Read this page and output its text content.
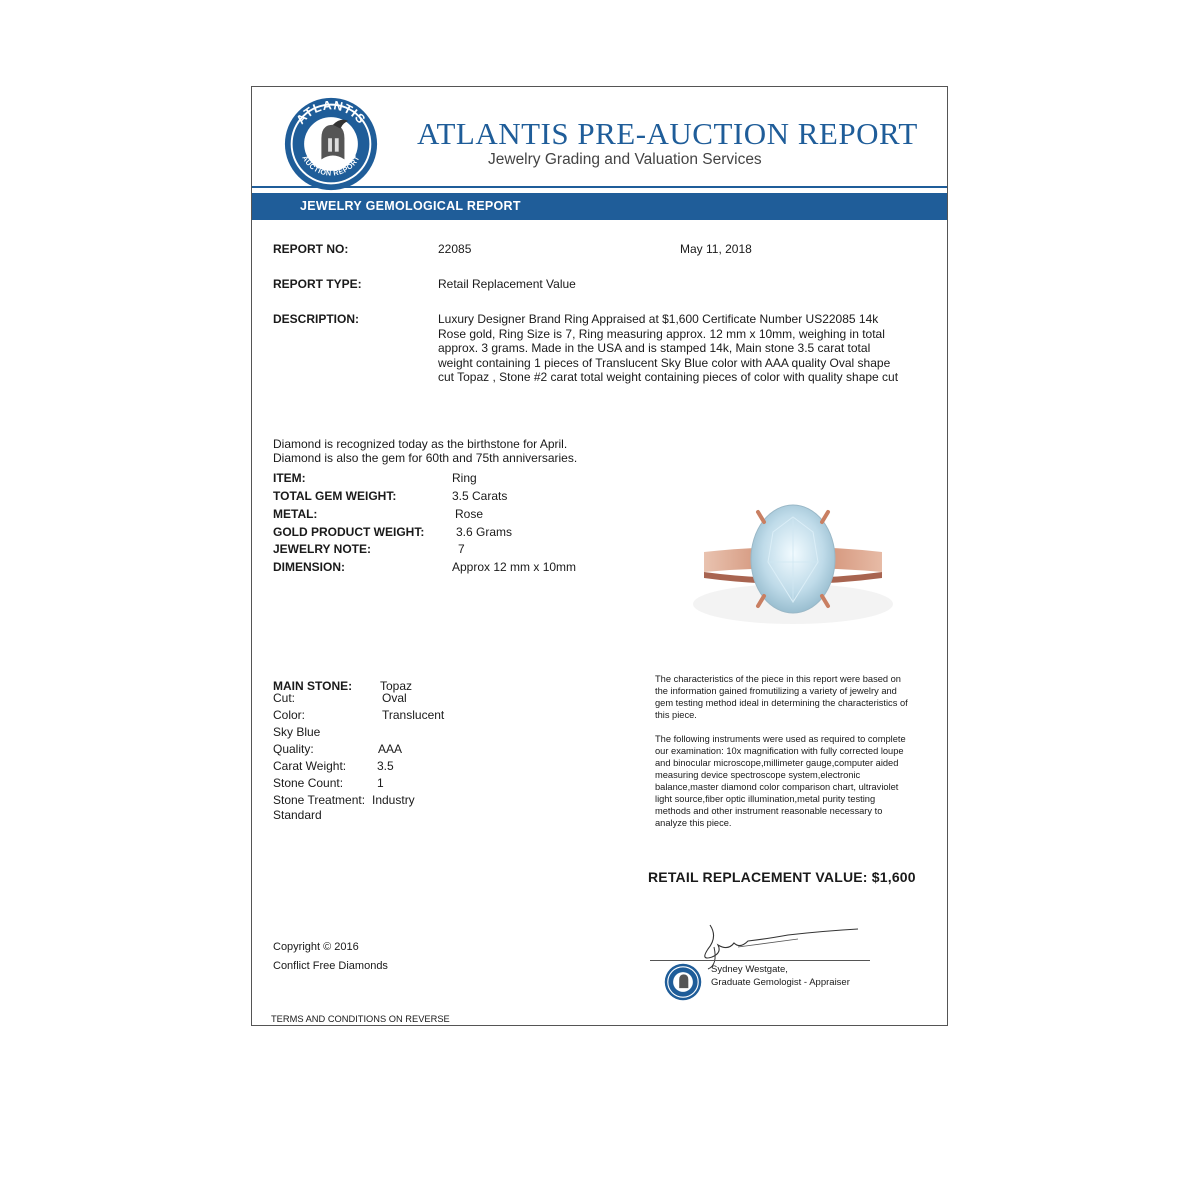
ATLANTIS
AUCTION REPORT
ATLANTIS PRE-AUCTION REPORT
Jewelry Grading and Valuation Services
JEWELRY GEMOLOGICAL REPORT
REPORT NO:	22085	May 11, 2018
REPORT TYPE:	Retail Replacement Value
DESCRIPTION:	Luxury Designer Brand Ring Appraised at $1,600 Certificate Number US22085 14k Rose gold, Ring Size is 7, Ring measuring approx. 12 mm x 10mm, weighing in total approx. 3 grams. Made in the USA and is stamped 14k, Main stone 3.5 carat total weight containing 1 pieces of Translucent Sky Blue color with AAA quality Oval shape cut Topaz , Stone #2 carat total weight containing pieces of color with quality shape cut
Diamond is recognized today as the birthstone for April.
Diamond is also the gem for 60th and 75th anniversaries.
ITEM:	Ring
TOTAL GEM WEIGHT:	3.5 Carats
METAL:	Rose
GOLD PRODUCT WEIGHT:	3.6 Grams
JEWELRY NOTE:	7
DIMENSION:	Approx 12 mm x 10mm
MAIN STONE: Topaz
Cut:	Oval
Color:	Translucent
Sky Blue
Quality:	AAA
Carat Weight:	3.5
Stone Count:	1
Stone Treatment: Industry
Standard
The characteristics of the piece in this report were based on the information gained fromutilizing a variety of jewelry and gem testing method ideal in determining the characteristics of this piece.
The following instruments were used as required to complete our examination: 10x magnification with fully corrected loupe and binocular microscope,millimeter gauge,computer aided measuring device spectroscope system,electronic balance,master diamond color comparison chart, ultraviolet light source,fiber optic illumination,metal purity testing methods and other instrument reasonable necessary to analyze this piece.
RETAIL REPLACEMENT VALUE: $1,600
Copyright © 2016
Conflict Free Diamonds	Sydney Westgate,
Graduate Gemologist - Appraiser
TERMS AND CONDITIONS ON REVERSE
